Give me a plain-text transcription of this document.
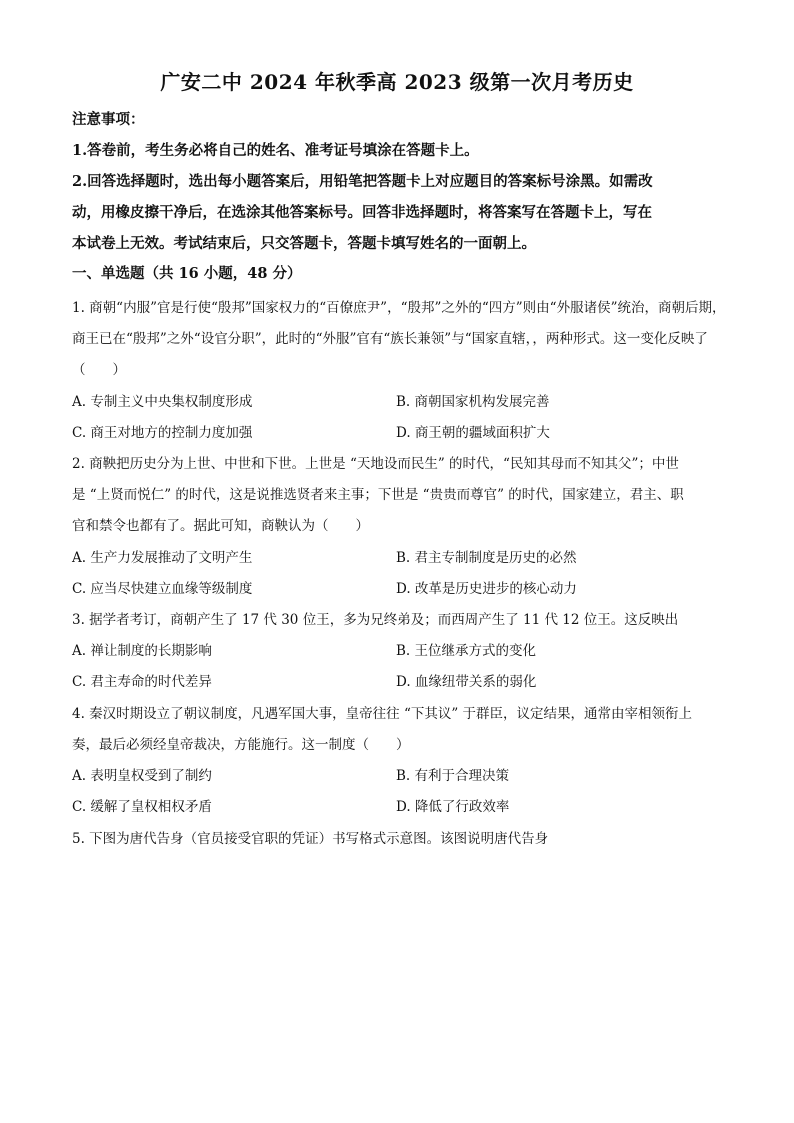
广安二中 2024 年秋季高 2023 级第一次月考历史
注意事项：
1.答卷前，考生务必将自己的姓名、准考证号填涂在答题卡上。
2.回答选择题时，选出每小题答案后，用铅笔把答题卡上对应题目的答案标号涂黑。如需改
动，用橡皮擦干净后，在选涂其他答案标号。回答非选择题时，将答案写在答题卡上，写在
本试卷上无效。考试结束后，只交答题卡，答题卡填写姓名的一面朝上。
一、单选题（共 16 小题，48 分）
1. 商朝“内服”官是行使“殷邦”国家权力的“百僚庶尹”，“殷邦”之外的“四方”则由“外服诸侯”统治，商朝后期，
商王已在“殷邦”之外“设官分职”，此时的“外服”官有“族长兼领”与“国家直辖，，两种形式。这一变化反映了
（　　）
A. 专制主义中央集权制度形成	B. 商朝国家机构发展完善
C. 商王对地方的控制力度加强	D. 商王朝的疆域面积扩大
2. 商鞅把历史分为上世、中世和下世。上世是 “天地设而民生” 的时代，“民知其母而不知其父”；中世
是 “上贤而悦仁” 的时代，这是说推选贤者来主事；下世是 “贵贵而尊官” 的时代，国家建立，君主、职
官和禁令也都有了。据此可知，商鞅认为（　　）
A. 生产力发展推动了文明产生	B. 君主专制制度是历史的必然
C. 应当尽快建立血缘等级制度	D. 改革是历史进步的核心动力
3. 据学者考订，商朝产生了 17 代 30 位王，多为兄终弟及；而西周产生了 11 代 12 位王。这反映出
A. 禅让制度的长期影响	B. 王位继承方式的变化
C. 君主寿命的时代差异	D. 血缘纽带关系的弱化
4. 秦汉时期设立了朝议制度，凡遇军国大事，皇帝往往 “下其议” 于群臣，议定结果，通常由宰相领衔上
奏，最后必须经皇帝裁决，方能施行。这一制度（　　）
A. 表明皇权受到了制约	B. 有利于合理决策
C. 缓解了皇权相权矛盾	D. 降低了行政效率
5. 下图为唐代告身（官员接受官职的凭证）书写格式示意图。该图说明唐代告身
